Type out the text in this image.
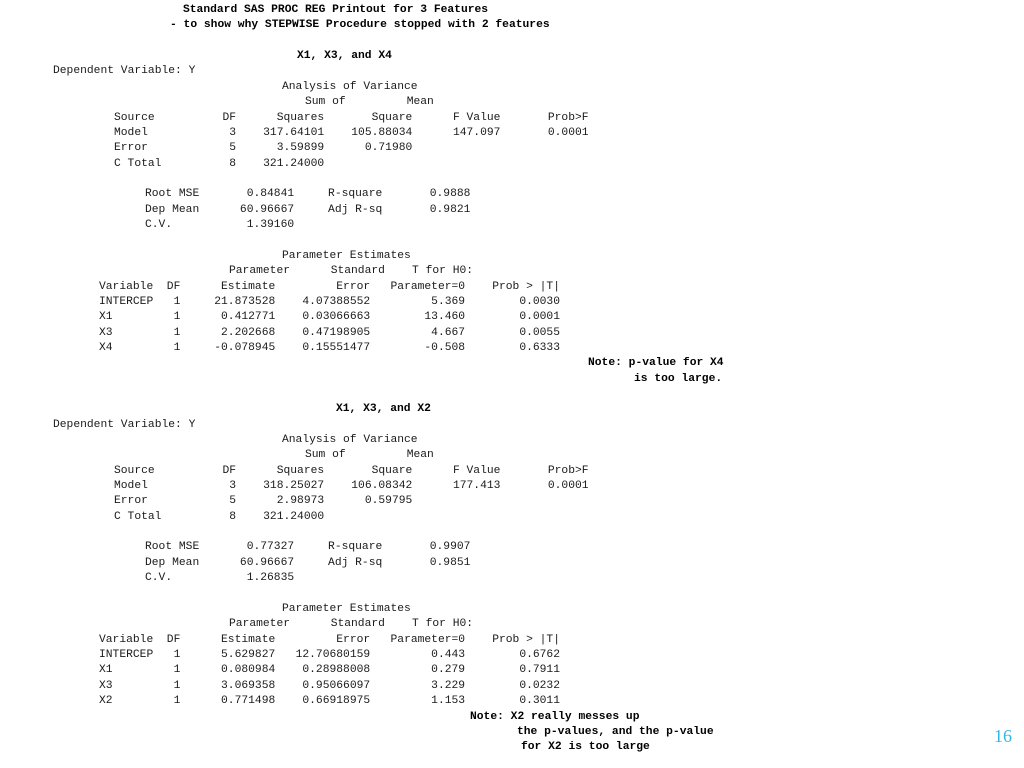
Standard SAS PROC REG Printout for 3 Features
- to show why STEPWISE Procedure stopped with 2 features
X1, X3, and X4
Dependent Variable: Y
Analysis of Variance
Sum of         Mean
Source          DF      Squares       Square      F Value       Prob>F
Model            3    317.64101    105.88034      147.097       0.0001
Error            5      3.59899      0.71980
C Total          8    321.24000
Root MSE       0.84841     R-square       0.9888
Dep Mean      60.96667     Adj R-sq       0.9821
C.V.           1.39160
Parameter Estimates
Parameter      Standard    T for H0:
Variable  DF      Estimate         Error   Parameter=0    Prob > |T|
INTERCEP   1     21.873528    4.07388552         5.369        0.0030
X1         1      0.412771    0.03066663        13.460        0.0001
X3         1      2.202668    0.47198905         4.667        0.0055
X4         1     -0.078945    0.15551477        -0.508        0.6333
Note: p-value for X4
is too large.
X1, X3, and X2
Dependent Variable: Y
Analysis of Variance
Sum of         Mean
Source          DF      Squares       Square      F Value       Prob>F
Model            3    318.25027    106.08342      177.413       0.0001
Error            5      2.98973      0.59795
C Total          8    321.24000
Root MSE       0.77327     R-square       0.9907
Dep Mean      60.96667     Adj R-sq       0.9851
C.V.           1.26835
Parameter Estimates
Parameter      Standard    T for H0:
Variable  DF      Estimate         Error   Parameter=0    Prob > |T|
INTERCEP   1      5.629827   12.70680159         0.443        0.6762
X1         1      0.080984    0.28988008         0.279        0.7911
X3         1      3.069358    0.95066097         3.229        0.0232
X2         1      0.771498    0.66918975         1.153        0.3011
Note: X2 really messes up
the p-values, and the p-value
for X2 is too large
16
